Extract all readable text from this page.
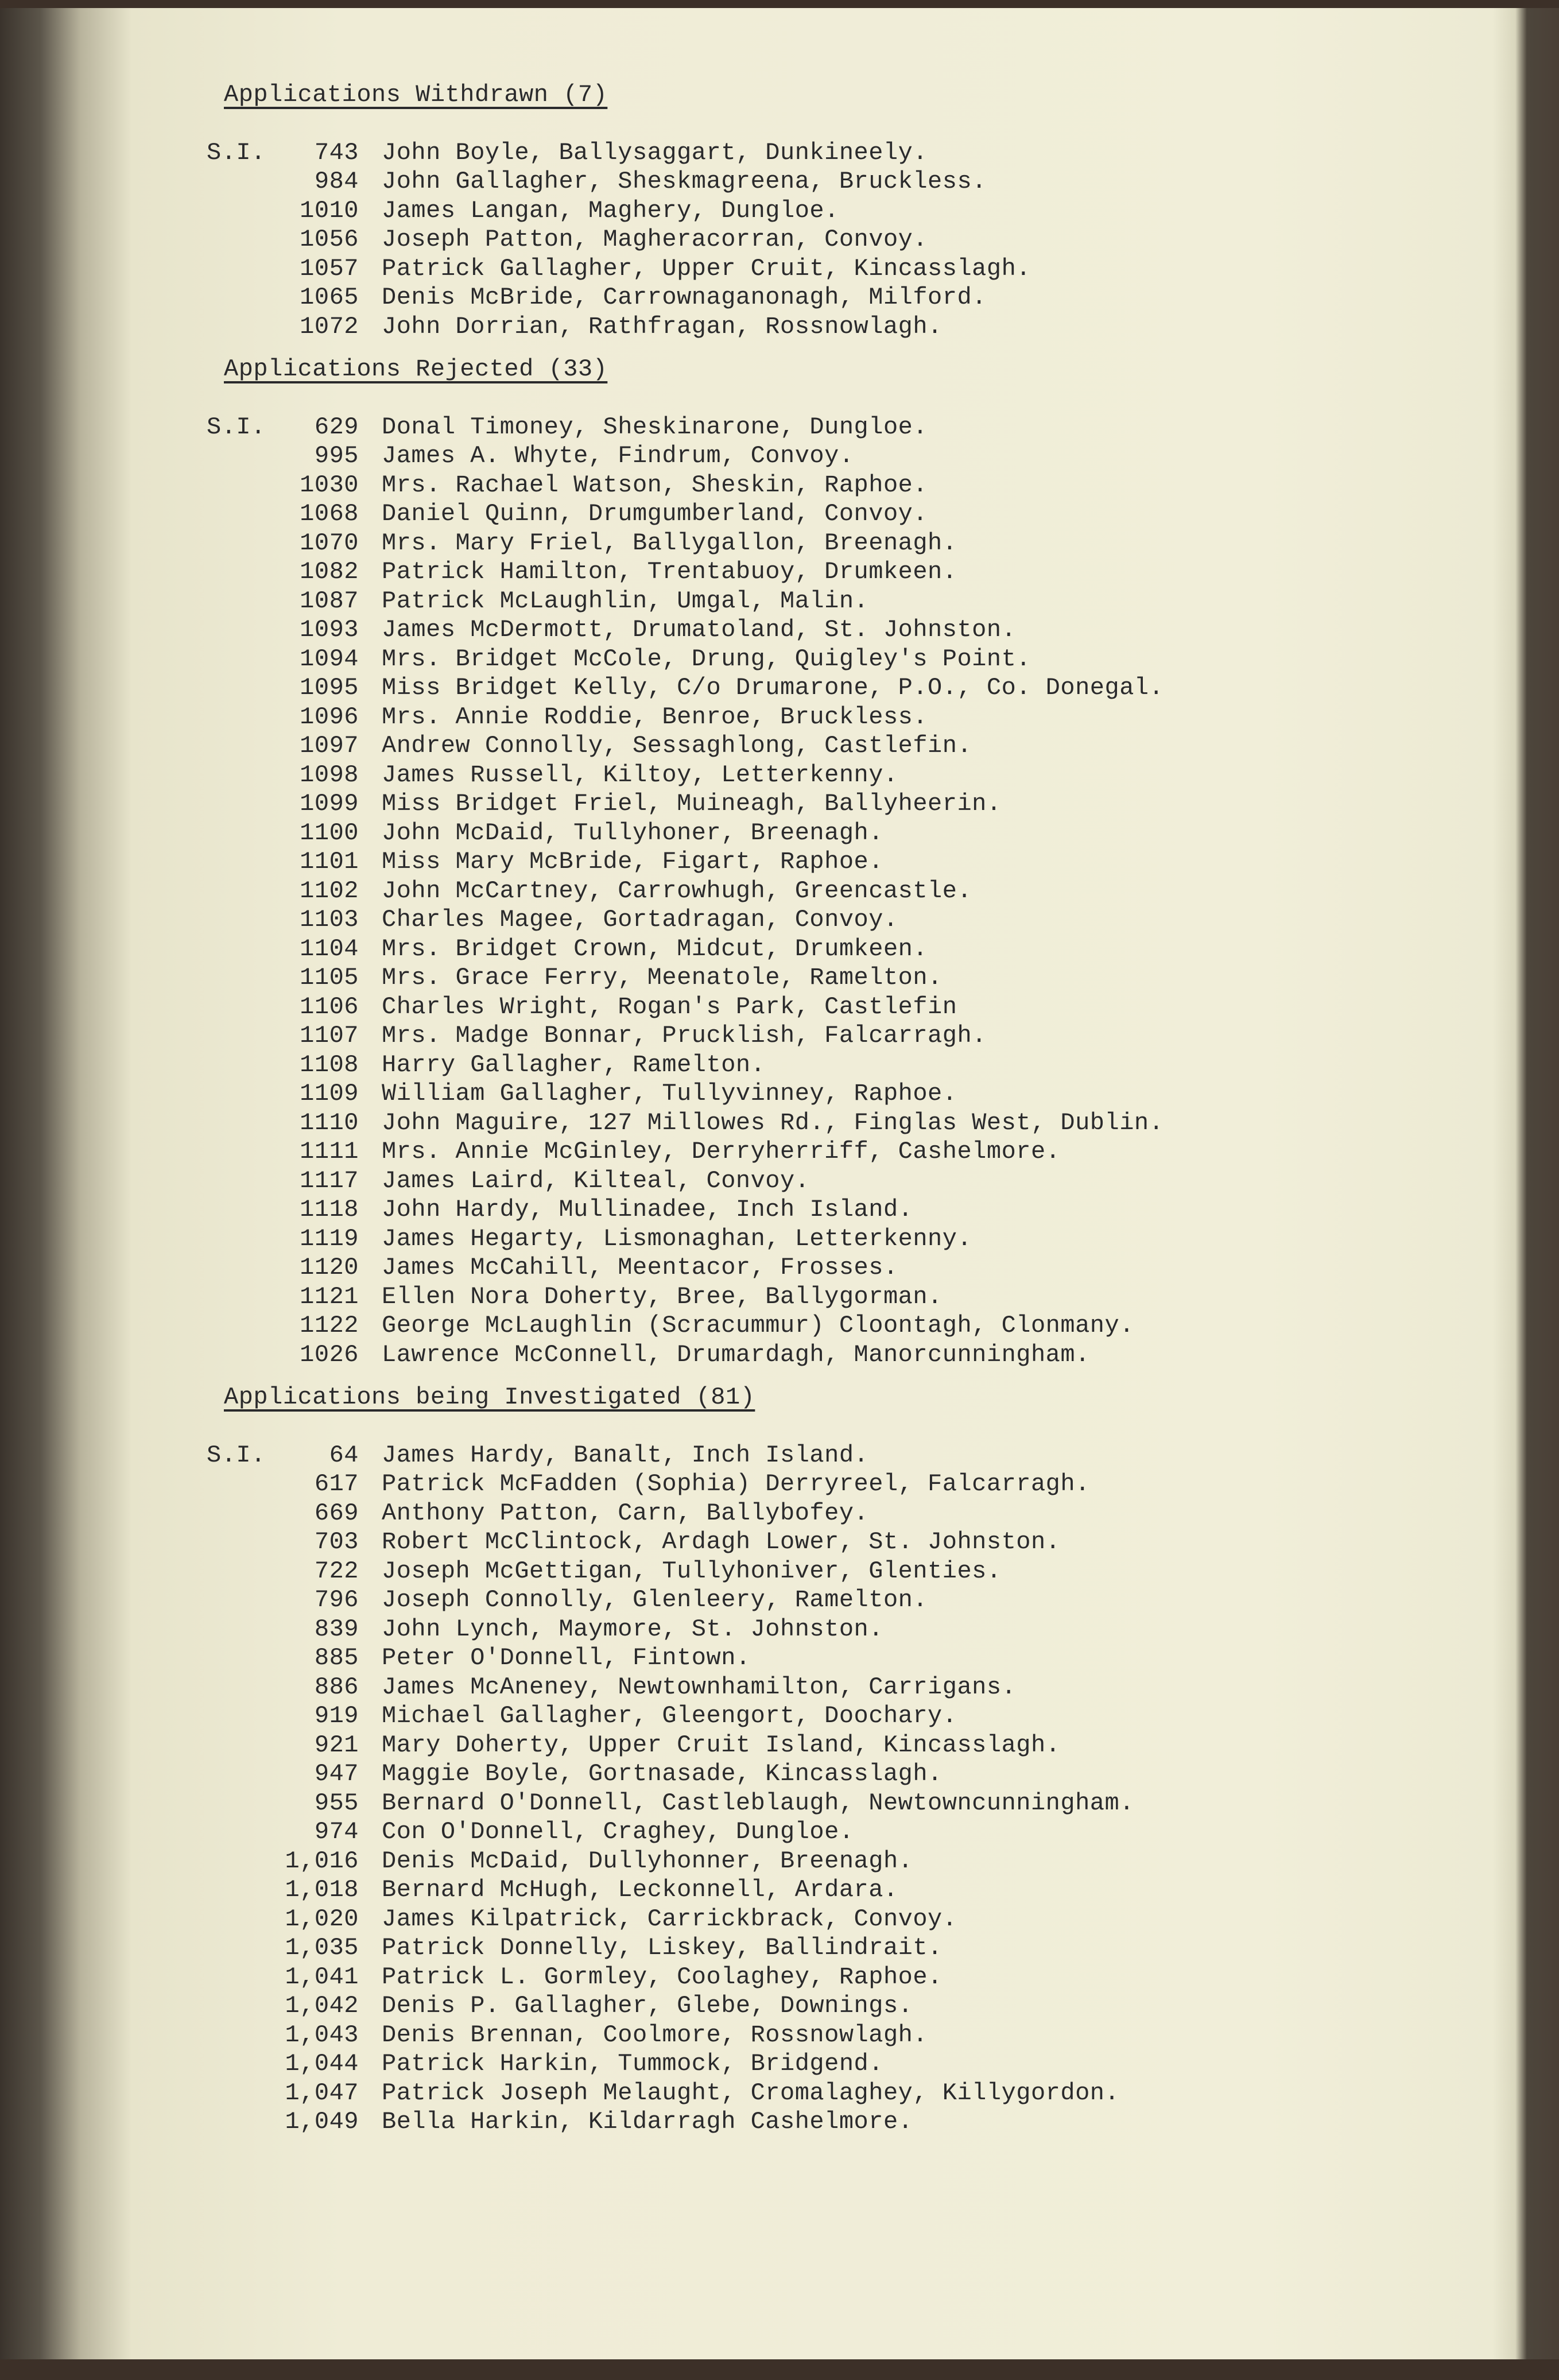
Applications Withdrawn (7)
S.I.	743 John Boyle, Ballysaggart, Dunkineely.
984 John Gallagher, Sheskmagreena, Bruckless.
1010 James Langan, Maghery, Dungloe.
1056 Joseph Patton, Magheracorran, Convoy.
1057 Patrick Gallagher, Upper Cruit, Kincasslagh.
1065 Denis McBride, Carrownaganonagh, Milford.
1072 John Dorrian, Rathfragan, Rossnowlagh.
Applications Rejected (33)
S.I.	629 Donal Timoney, Sheskinarone, Dungloe.
995 James A. Whyte, Findrum, Convoy.
1030 Mrs. Rachael Watson, Sheskin, Raphoe.
1068 Daniel Quinn, Drumgumberland, Convoy.
1070 Mrs. Mary Friel, Ballygallon, Breenagh.
1082 Patrick Hamilton, Trentabuoy, Drumkeen.
1087 Patrick McLaughlin, Umgal, Malin.
1093 James McDermott, Drumatoland, St. Johnston.
1094 Mrs. Bridget McCole, Drung, Quigley's Point.
1095 Miss Bridget Kelly, C/o Drumarone, P.O., Co. Donegal.
1096 Mrs. Annie Roddie, Benroe, Bruckless.
1097 Andrew Connolly, Sessaghlong, Castlefin.
1098 James Russell, Kiltoy, Letterkenny.
1099 Miss Bridget Friel, Muineagh, Ballyheerin.
1100 John McDaid, Tullyhoner, Breenagh.
1101 Miss Mary McBride, Figart, Raphoe.
1102 John McCartney, Carrowhugh, Greencastle.
1103 Charles Magee, Gortadragan, Convoy.
1104 Mrs. Bridget Crown, Midcut, Drumkeen.
1105 Mrs. Grace Ferry, Meenatole, Ramelton.
1106 Charles Wright, Rogan's Park, Castlefin
1107 Mrs. Madge Bonnar, Prucklish, Falcarragh.
1108 Harry Gallagher, Ramelton.
1109 William Gallagher, Tullyvinney, Raphoe.
1110 John Maguire, 127 Millowes Rd., Finglas West, Dublin.
1111 Mrs. Annie McGinley, Derryherriff, Cashelmore.
1117 James Laird, Kilteal, Convoy.
1118 John Hardy, Mullinadee, Inch Island.
1119 James Hegarty, Lismonaghan, Letterkenny.
1120 James McCahill, Meentacor, Frosses.
1121 Ellen Nora Doherty, Bree, Ballygorman.
1122 George McLaughlin (Scracummur) Cloontagh, Clonmany.
1026 Lawrence McConnell, Drumardagh, Manorcunningham.
Applications being Investigated (81)
S.I.	64 James Hardy, Banalt, Inch Island.
617 Patrick McFadden (Sophia) Derryreel, Falcarragh.
669 Anthony Patton, Carn, Ballybofey.
703 Robert McClintock, Ardagh Lower, St. Johnston.
722 Joseph McGettigan, Tullyhoniver, Glenties.
796 Joseph Connolly, Glenleery, Ramelton.
839 John Lynch, Maymore, St. Johnston.
885 Peter O'Donnell, Fintown.
886 James McAneney, Newtownhamilton, Carrigans.
919 Michael Gallagher, Gleengort, Doochary.
921 Mary Doherty, Upper Cruit Island, Kincasslagh.
947 Maggie Boyle, Gortnasade, Kincasslagh.
955 Bernard O'Donnell, Castleblaugh, Newtowncunningham.
974 Con O'Donnell, Craghey, Dungloe.
1,016 Denis McDaid, Dullyhonner, Breenagh.
1,018 Bernard McHugh, Leckonnell, Ardara.
1,020 James Kilpatrick, Carrickbrack, Convoy.
1,035 Patrick Donnelly, Liskey, Ballindrait.
1,041 Patrick L. Gormley, Coolaghey, Raphoe.
1,042 Denis P. Gallagher, Glebe, Downings.
1,043 Denis Brennan, Coolmore, Rossnowlagh.
1,044 Patrick Harkin, Tummock, Bridgend.
1,047 Patrick Joseph Melaught, Cromalaghey, Killygordon.
1,049 Bella Harkin, Kildarragh Cashelmore.
